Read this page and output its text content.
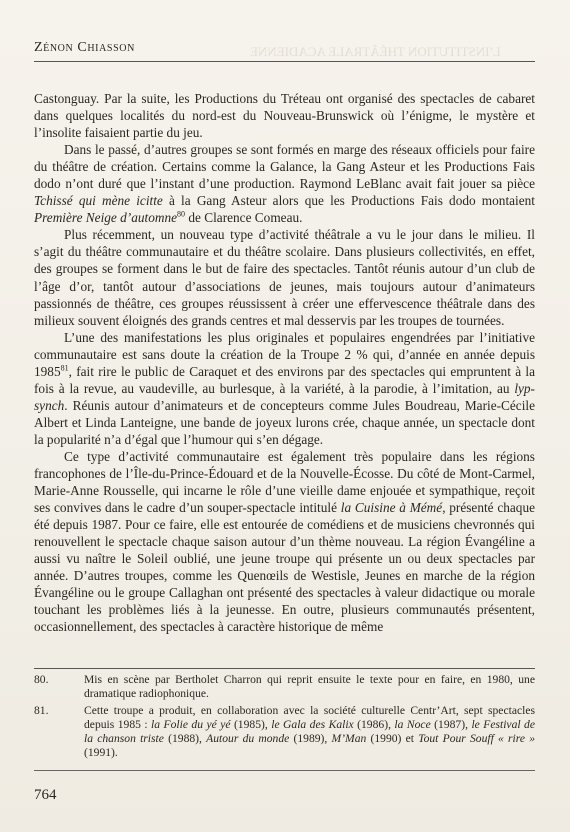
L’INSTITUTION THÉÂTRALE ACADIENNE
Zénon Chiasson

Castonguay. Par la suite, les Productions du Tréteau ont organisé des spectacles de cabaret dans quelques localités du nord-est du Nouveau-Brunswick où l’énigme, le mystère et l’insolite faisaient partie du jeu.

Dans le passé, d’autres groupes se sont formés en marge des réseaux officiels pour faire du théâtre de création. Certains comme la Galance, la Gang Asteur et les Productions Fais dodo n’ont duré que l’instant d’une production. Raymond LeBlanc avait fait jouer sa pièce Tchissé qui mène icitte à la Gang Asteur alors que les Productions Fais dodo montaient Première Neige d’automne$^{80}$ de Clarence Comeau.

Plus récemment, un nouveau type d’activité théâtrale a vu le jour dans le milieu. Il s’agit du théâtre communautaire et du théâtre scolaire. Dans plusieurs collectivités, en effet, des groupes se forment dans le but de faire des spectacles. Tantôt réunis autour d’un club de l’âge d’or, tantôt autour d’associations de jeunes, mais toujours autour d’animateurs passionnés de théâtre, ces groupes réussissent à créer une effervescence théâtrale dans des milieux souvent éloignés des grands centres et mal desservis par les troupes de tournées.

L’une des manifestations les plus originales et populaires engendrées par l’initiative communautaire est sans doute la création de la Troupe 2 % qui, d’année en année depuis 1985$^{81}$, fait rire le public de Caraquet et des environs par des spectacles qui empruntent à la fois à la revue, au vaudeville, au burlesque, à la variété, à la parodie, à l’imitation, au lyp-synch. Réunis autour d’animateurs et de concepteurs comme Jules Boudreau, Marie-Cécile Albert et Linda Lanteigne, une bande de joyeux lurons crée, chaque année, un spectacle dont la popularité n’a d’égal que l’humour qui s’en dégage.

Ce type d’activité communautaire est également très populaire dans les régions francophones de l’Île-du-Prince-Édouard et de la Nouvelle-Écosse. Du côté de Mont-Carmel, Marie-Anne Rousselle, qui incarne le rôle d’une vieille dame enjouée et sympathique, reçoit ses convives dans le cadre d’un souper-spectacle intitulé la Cuisine à Mémé, présenté chaque été depuis 1987. Pour ce faire, elle est entourée de comédiens et de musiciens chevronnés qui renouvellent le spectacle chaque saison autour d’un thème nouveau. La région Évangéline a aussi vu naître le Soleil oublié, une jeune troupe qui présente un ou deux spectacles par année. D’autres troupes, comme les Quenœils de Westisle, Jeunes en marche de la région Évangéline ou le groupe Callaghan ont présenté des spectacles à valeur didactique ou morale touchant les problèmes liés à la jeunesse. En outre, plusieurs communautés présentent, occasionnellement, des spectacles à caractère historique de même

80.	Mis en scène par Bertholet Charron qui reprit ensuite le texte pour en faire, en 1980, une dramatique radiophonique.
81.	Cette troupe a produit, en collaboration avec la société culturelle Centr’Art, sept spectacles depuis 1985 : la Folie du yé yé (1985), le Gala des Kalix (1986), la Noce (1987), le Festival de la chanson triste (1988), Autour du monde (1989), M’Man (1990) et Tout Pour Souff « rire » (1991).
764
